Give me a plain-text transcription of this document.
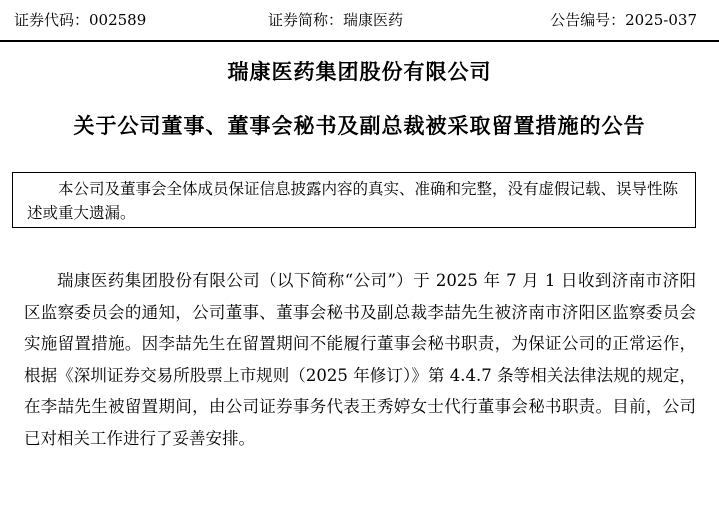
证券代码：002589	证券简称：瑞康医药	公告编号：2025-037
瑞康医药集团股份有限公司
关于公司董事、董事会秘书及副总裁被采取留置措施的公告

本公司及董事会全体成员保证信息披露内容的真实、准确和完整，没有虚假记载、误导性陈述或重大遗漏。

瑞康医药集团股份有限公司（以下简称“公司”）于 2025 年 7 月 1 日收到济南市济阳区监察委员会的通知，公司董事、董事会秘书及副总裁李喆先生被济南市济阳区监察委员会实施留置措施。因李喆先生在留置期间不能履行董事会秘书职责，为保证公司的正常运作，根据《深圳证券交易所股票上市规则（2025 年修订）》第 4.4.7 条等相关法律法规的规定，在李喆先生被留置期间，由公司证券事务代表王秀婷女士代行董事会秘书职责。目前，公司已对相关工作进行了妥善安排。
